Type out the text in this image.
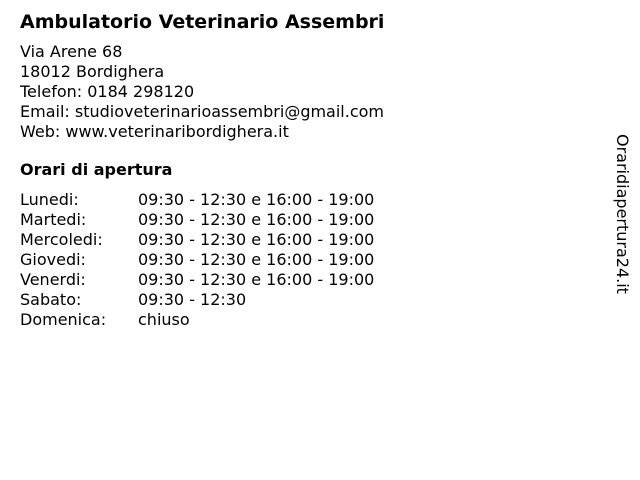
Ambulatorio Veterinario Assembri
Via Arene 68
18012 Bordighera
Telefon: 0184 298120
Email: studioveterinarioassembri@gmail.com
Web: www.veterinaribordighera.it
Orari di apertura
Lunedi:	09:30 - 12:30 e 16:00 - 19:00
Martedi:	09:30 - 12:30 e 16:00 - 19:00
Mercoledi:	09:30 - 12:30 e 16:00 - 19:00
Giovedi:	09:30 - 12:30 e 16:00 - 19:00
Venerdi:	09:30 - 12:30 e 16:00 - 19:00
Sabato:	09:30 - 12:30
Domenica:	chiuso
Oraridiapertura24.it
